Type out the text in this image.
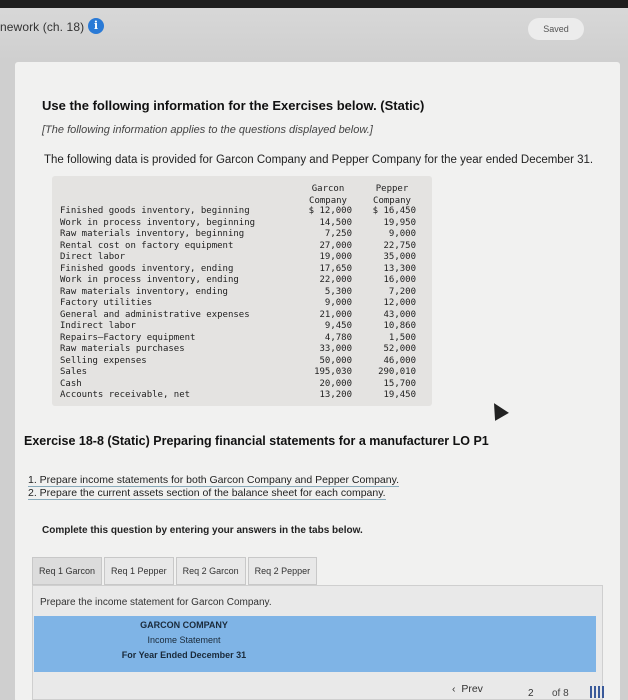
nework (ch. 18) i	Saved
Use the following information for the Exercises below. (Static)
[The following information applies to the questions displayed below.]
The following data is provided for Garcon Company and Pepper Company for the year ended December 31.
Garcon
Company
Pepper
Company
Finished goods inventory, beginning	$ 12,000	$ 16,450
Work in process inventory, beginning	14,500	19,950
Raw materials inventory, beginning	7,250	9,000
Rental cost on factory equipment	27,000	22,750
Direct labor	19,000	35,000
Finished goods inventory, ending	17,650	13,300
Work in process inventory, ending	22,000	16,000
Raw materials inventory, ending	5,300	7,200
Factory utilities	9,000	12,000
General and administrative expenses	21,000	43,000
Indirect labor	9,450	10,860
Repairs—Factory equipment	4,780	1,500
Raw materials purchases	33,000	52,000
Selling expenses	50,000	46,000
Sales	195,030	290,010
Cash	20,000	15,700
Accounts receivable, net	13,200	19,450
Exercise 18-8 (Static) Preparing financial statements for a manufacturer LO P1
1. Prepare income statements for both Garcon Company and Pepper Company.
2. Prepare the current assets section of the balance sheet for each company.
Complete this question by entering your answers in the tabs below.
Req 1 Garcon	Req 1 Pepper	Req 2 Garcon	Req 2 Pepper
Prepare the income statement for Garcon Company.
GARCON COMPANY
Income Statement
For Year Ended December 31
‹  Prev	2 of 8
